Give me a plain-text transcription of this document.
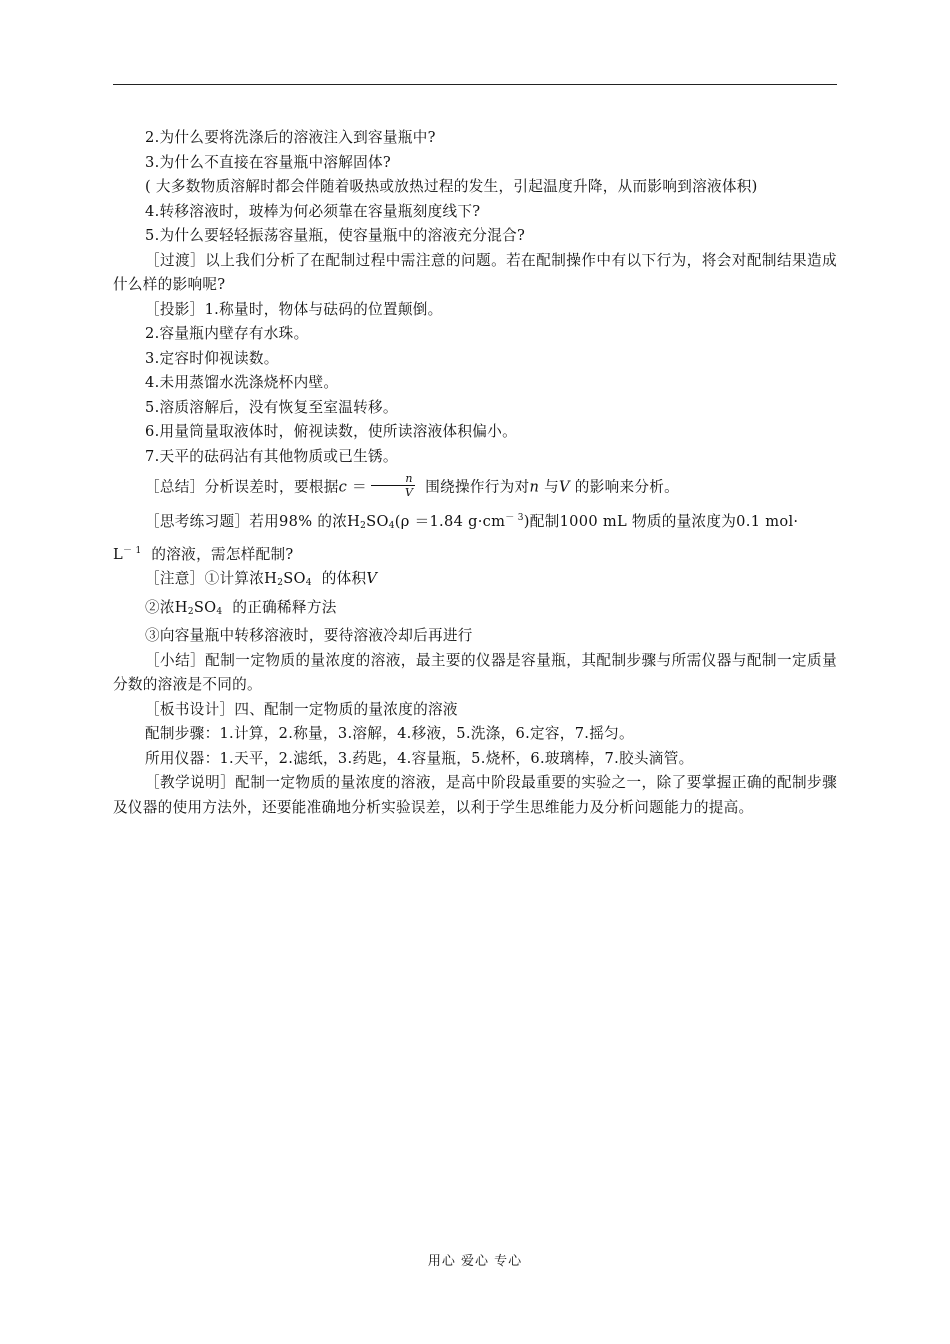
2.为什么要将洗涤后的溶液注入到容量瓶中?

3.为什么不直接在容量瓶中溶解固体?

( 大多数物质溶解时都会伴随着吸热或放热过程的发生，引起温度升降，从而影响到溶液体积)

4.转移溶液时，玻棒为何必须靠在容量瓶刻度线下?

5.为什么要轻轻振荡容量瓶，使容量瓶中的溶液充分混合?

［过渡］以上我们分析了在配制过程中需注意的问题。若在配制操作中有以下行为，将会对配制结果造成什么样的影响呢?

［投影］1.称量时，物体与砝码的位置颠倒。

2.容量瓶内壁存有水珠。

3.定容时仰视读数。

4.未用蒸馏水洗涤烧杯内壁。

5.溶质溶解后，没有恢复至室温转移。

6.用量筒量取液体时，俯视读数，使所读溶液体积偏小。

7.天平的砝码沾有其他物质或已生锈。

［总结］分析误差时，要根据$c = \frac{n}{V}$ 围绕操作行为对n 与V 的影响来分析。

［思考练习题］若用98% 的浓$H_2SO_4(\rho =1.84$ $g\cdot cm^{- 3}$)配制1000 mL 物质的量浓度为0.1 mol·

$L^{- 1}$ 的溶液，需怎样配制?

［注意］①计算浓$H_2SO_4$ 的体积V

②浓$H_2SO_4$ 的正确稀释方法

③向容量瓶中转移溶液时，要待溶液冷却后再进行

［小结］配制一定物质的量浓度的溶液，最主要的仪器是容量瓶，其配制步骤与所需仪器与配制一定质量分数的溶液是不同的。

［板书设计］四、配制一定物质的量浓度的溶液

配制步骤：1.计算，2.称量，3.溶解，4.移液，5.洗涤，6.定容，7.摇匀。

所用仪器：1.天平，2.滤纸，3.药匙，4.容量瓶，5.烧杯，6.玻璃棒，7.胶头滴管。

［教学说明］配制一定物质的量浓度的溶液，是高中阶段最重要的实验之一，除了要掌握正确的配制步骤及仪器的使用方法外，还要能准确地分析实验误差，以利于学生思维能力及分析问题能力的提高。

用心 爱心 专心
